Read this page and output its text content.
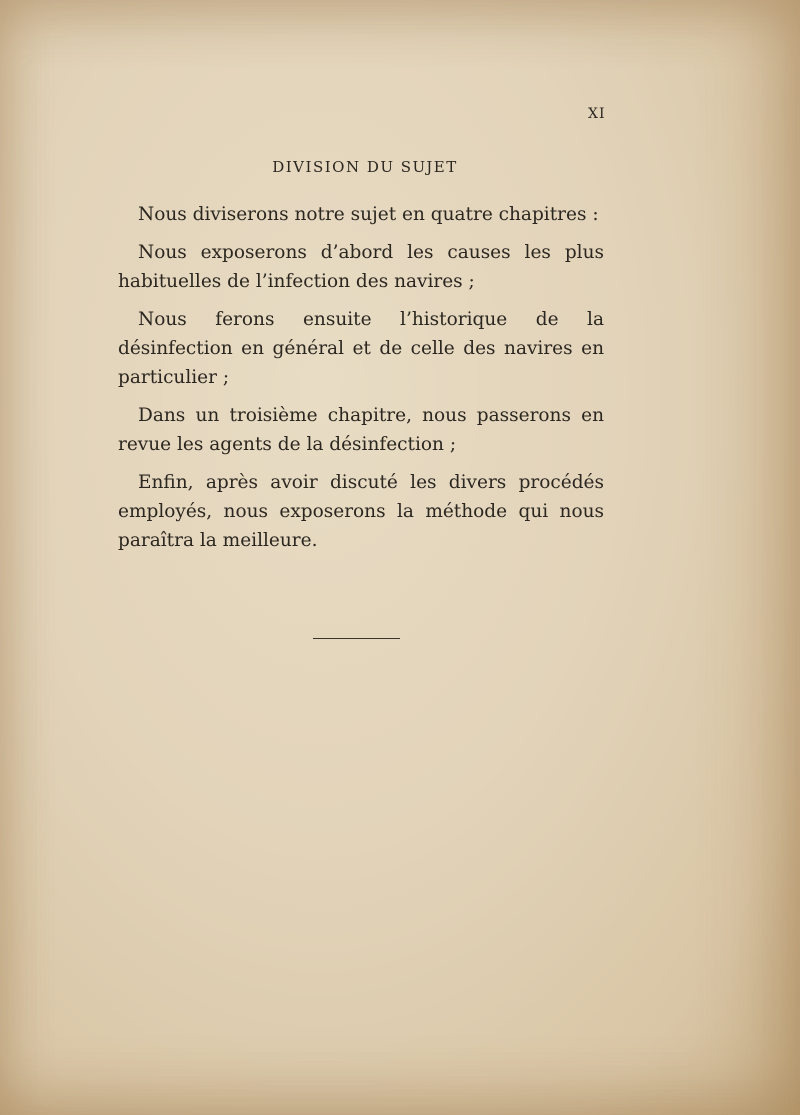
XI
DIVISION DU SUJET

Nous diviserons notre sujet en quatre chapitres :

Nous exposerons d’abord les causes les plus habituelles de l’infection des navires ;

Nous ferons ensuite l’historique de la désinfection en général et de celle des navires en particulier ;

Dans un troisième chapitre, nous passerons en revue les agents de la désinfection ;

Enfin, après avoir discuté les divers procédés employés, nous exposerons la méthode qui nous paraîtra la meilleure.
